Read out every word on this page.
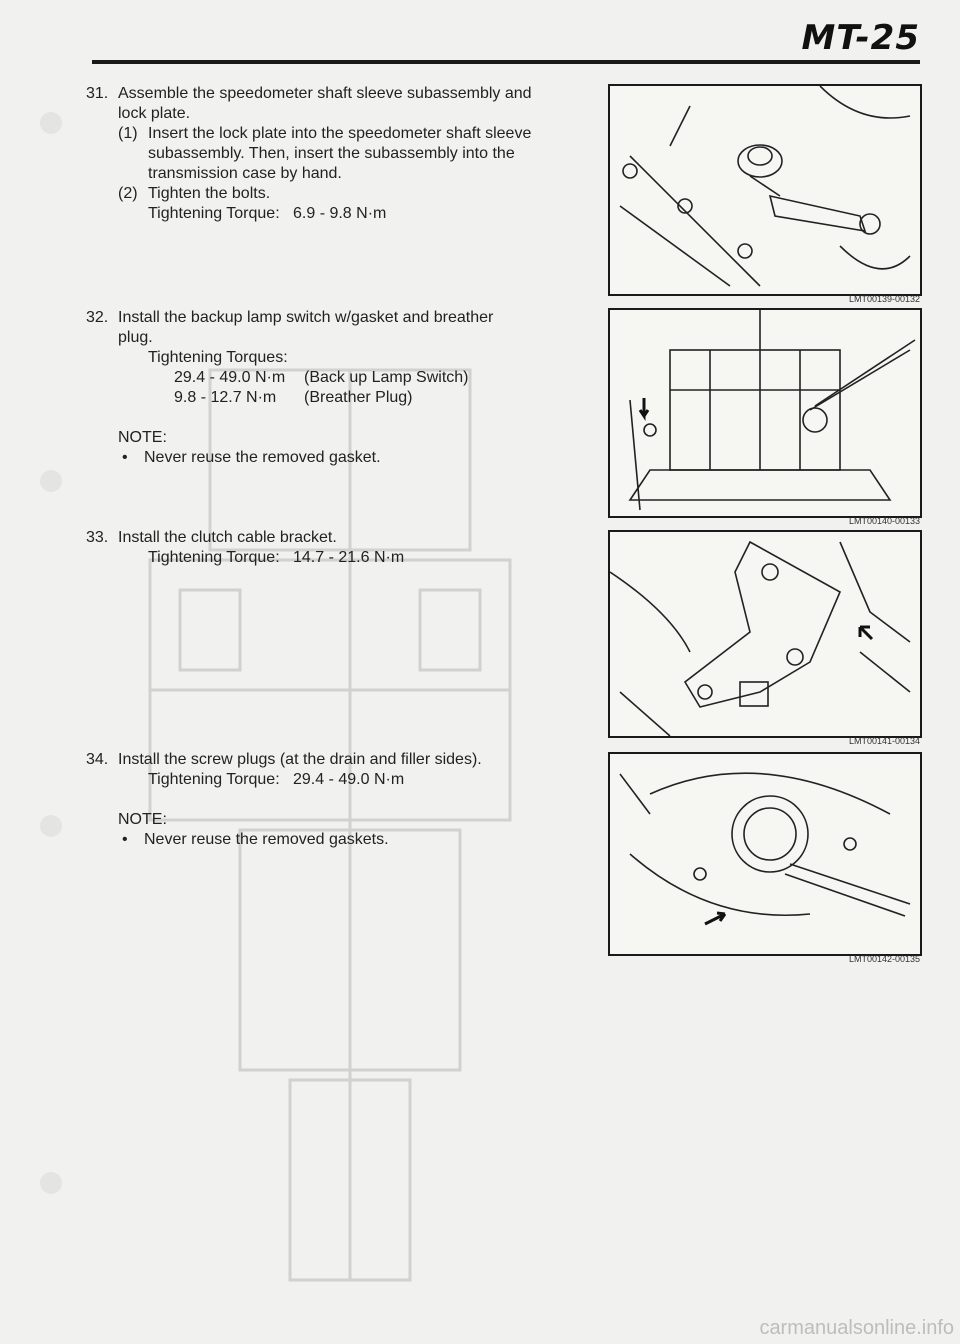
MT-25
31. Assemble the speedometer shaft sleeve subassembly and
lock plate.
(1) Insert the lock plate into the speedometer shaft sleeve
subassembly. Then, insert the subassembly into the
transmission case by hand.
(2) Tighten the bolts.
Tightening Torque: 6.9 - 9.8 N·m
32. Install the backup lamp switch w/gasket and breather
plug.
Tightening Torques:
29.4 - 49.0 N·m (Back up Lamp Switch)
9.8 - 12.7 N·m (Breather Plug)
NOTE:
•	Never reuse the removed gasket.
33. Install the clutch cable bracket.
Tightening Torque: 14.7 - 21.6 N·m
34. Install the screw plugs (at the drain and filler sides).
Tightening Torque: 29.4 - 49.0 N·m
NOTE:
•	Never reuse the removed gaskets.
LMT00139-00132
LMT00140-00133
LMT00141-00134
LMT00142-00135
carmanualsonline.info
